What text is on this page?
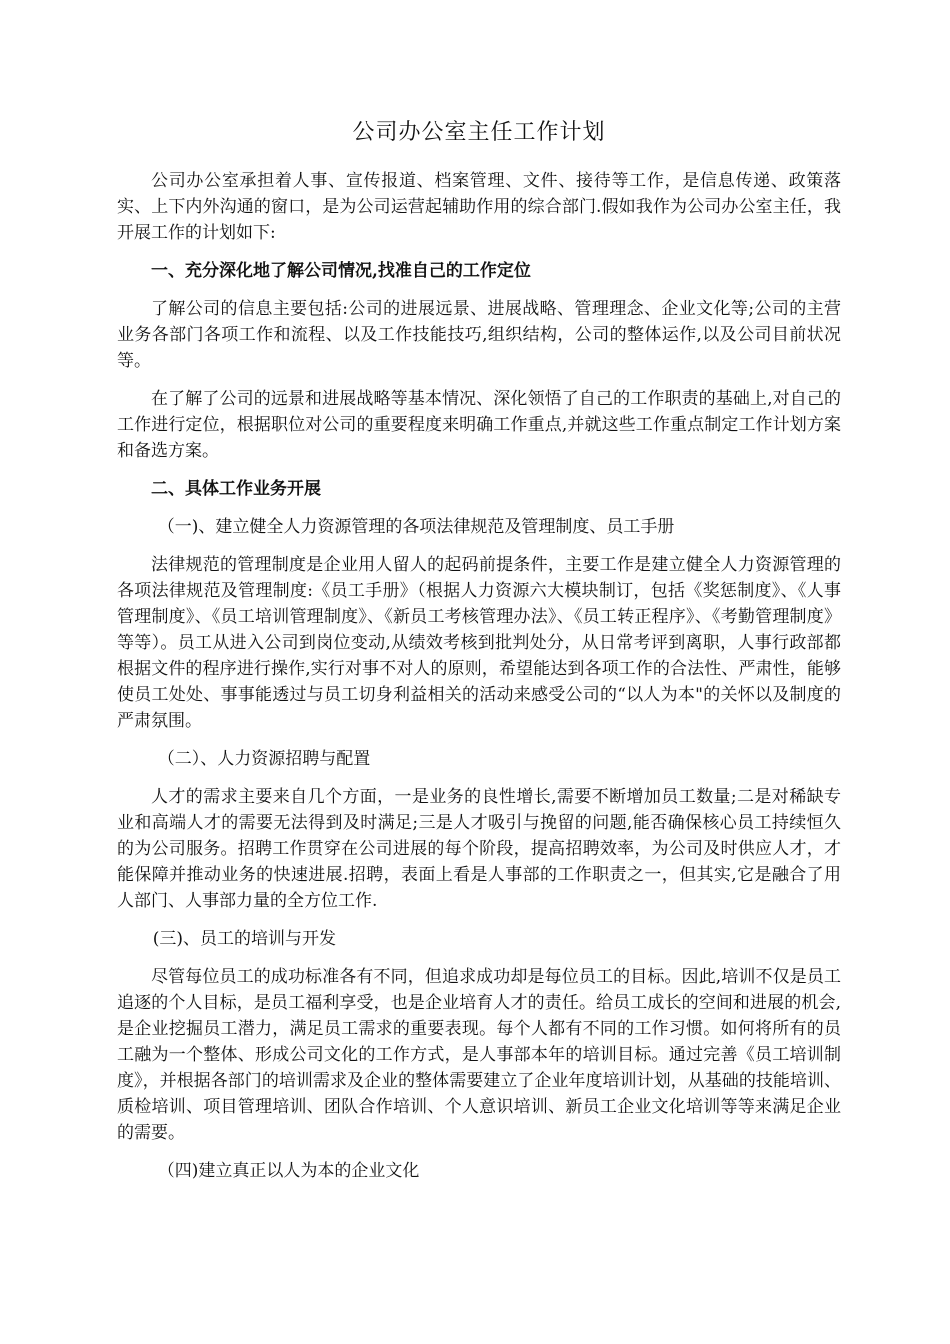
公司办公室主任工作计划

公司办公室承担着人事、宣传报道、档案管理、文件、接待等工作，是信息传递、政策落实、上下内外沟通的窗口，是为公司运营起辅助作用的综合部门.假如我作为公司办公室主任，我开展工作的计划如下:

一、充分深化地了解公司情况,找准自己的工作定位

了解公司的信息主要包括:公司的进展远景、进展战略、管理理念、企业文化等;公司的主营业务各部门各项工作和流程、以及工作技能技巧,组织结构，公司的整体运作,以及公司目前状况等。

在了解了公司的远景和进展战略等基本情况、深化领悟了自己的工作职责的基础上,对自己的工作进行定位，根据职位对公司的重要程度来明确工作重点,并就这些工作重点制定工作计划方案和备选方案。

二、具体工作业务开展

（一)、建立健全人力资源管理的各项法律规范及管理制度、员工手册

法律规范的管理制度是企业用人留人的起码前提条件，主要工作是建立健全人力资源管理的各项法律规范及管理制度:《员工手册》（根据人力资源六大模块制订，包括《奖惩制度》、《人事管理制度》、《员工培训管理制度》、《新员工考核管理办法》、《员工转正程序》、《考勤管理制度》等等）。员工从进入公司到岗位变动,从绩效考核到批判处分，从日常考评到离职，人事行政部都根据文件的程序进行操作,实行对事不对人的原则，希望能达到各项工作的合法性、严肃性，能够使员工处处、事事能透过与员工切身利益相关的活动来感受公司的“以人为本"的关怀以及制度的严肃氛围。

（二）、人力资源招聘与配置

人才的需求主要来自几个方面，一是业务的良性增长,需要不断增加员工数量;二是对稀缺专业和高端人才的需要无法得到及时满足;三是人才吸引与挽留的问题,能否确保核心员工持续恒久的为公司服务。招聘工作贯穿在公司进展的每个阶段，提高招聘效率，为公司及时供应人才，才能保障并推动业务的快速进展.招聘，表面上看是人事部的工作职责之一，但其实,它是融合了用人部门、人事部力量的全方位工作.

(三)、员工的培训与开发

尽管每位员工的成功标准各有不同，但追求成功却是每位员工的目标。因此,培训不仅是员工追逐的个人目标，是员工福利享受，也是企业培育人才的责任。给员工成长的空间和进展的机会,是企业挖掘员工潜力，满足员工需求的重要表现。每个人都有不同的工作习惯。如何将所有的员工融为一个整体、形成公司文化的工作方式，是人事部本年的培训目标。通过完善《员工培训制度》，并根据各部门的培训需求及企业的整体需要建立了企业年度培训计划，从基础的技能培训、质检培训、项目管理培训、团队合作培训、个人意识培训、新员工企业文化培训等等来满足企业的需要。

（四)建立真正以人为本的企业文化
